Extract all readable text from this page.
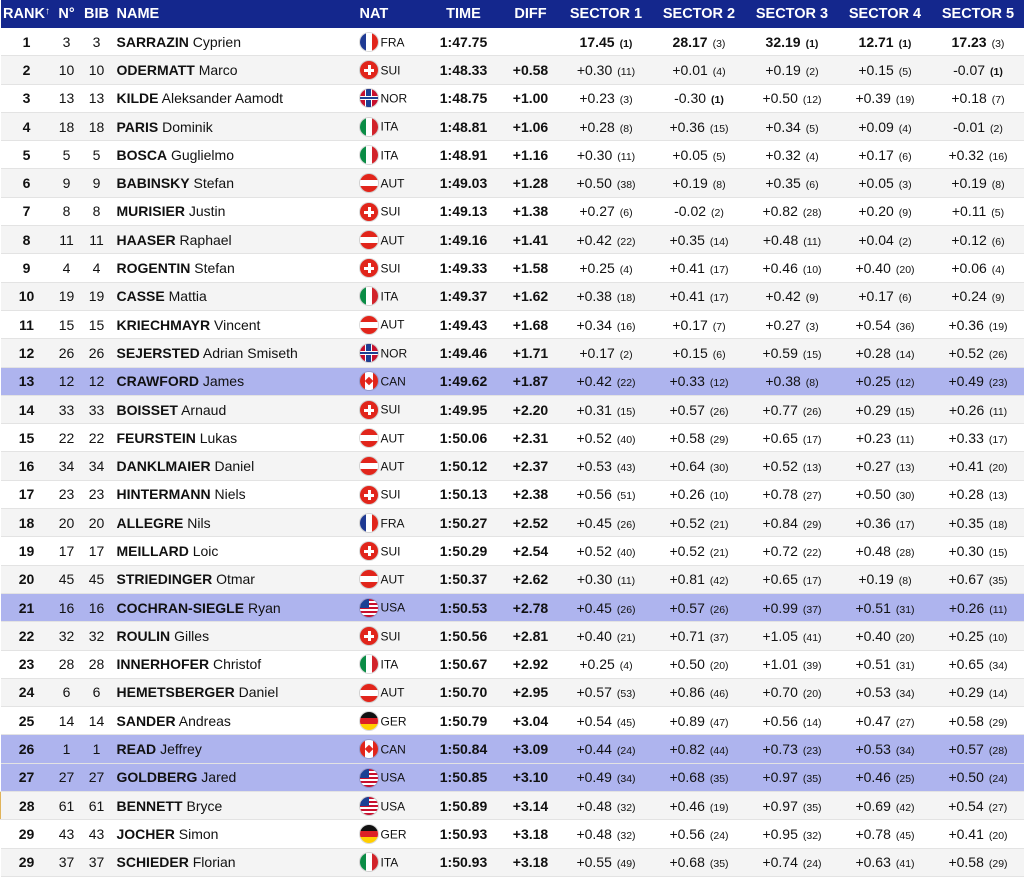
RANK↑	N°	BIB	NAME	NAT	TIME	DIFF	SECTOR 1	SECTOR 2	SECTOR 3	SECTOR 4	SECTOR 5
1	3	3	SARRAZIN Cyprien	FRA	1:47.75		17.45 (1)	28.17 (3)	32.19 (1)	12.71 (1)	17.23 (3)
2	10	10	ODERMATT Marco	SUI	1:48.33	+0.58	+0.30 (11)	+0.01 (4)	+0.19 (2)	+0.15 (5)	-0.07 (1)
3	13	13	KILDE Aleksander Aamodt	NOR	1:48.75	+1.00	+0.23 (3)	-0.30 (1)	+0.50 (12)	+0.39 (19)	+0.18 (7)
4	18	18	PARIS Dominik	ITA	1:48.81	+1.06	+0.28 (8)	+0.36 (15)	+0.34 (5)	+0.09 (4)	-0.01 (2)
5	5	5	BOSCA Guglielmo	ITA	1:48.91	+1.16	+0.30 (11)	+0.05 (5)	+0.32 (4)	+0.17 (6)	+0.32 (16)
6	9	9	BABINSKY Stefan	AUT	1:49.03	+1.28	+0.50 (38)	+0.19 (8)	+0.35 (6)	+0.05 (3)	+0.19 (8)
7	8	8	MURISIER Justin	SUI	1:49.13	+1.38	+0.27 (6)	-0.02 (2)	+0.82 (28)	+0.20 (9)	+0.11 (5)
8	11	11	HAASER Raphael	AUT	1:49.16	+1.41	+0.42 (22)	+0.35 (14)	+0.48 (11)	+0.04 (2)	+0.12 (6)
9	4	4	ROGENTIN Stefan	SUI	1:49.33	+1.58	+0.25 (4)	+0.41 (17)	+0.46 (10)	+0.40 (20)	+0.06 (4)
10	19	19	CASSE Mattia	ITA	1:49.37	+1.62	+0.38 (18)	+0.41 (17)	+0.42 (9)	+0.17 (6)	+0.24 (9)
11	15	15	KRIECHMAYR Vincent	AUT	1:49.43	+1.68	+0.34 (16)	+0.17 (7)	+0.27 (3)	+0.54 (36)	+0.36 (19)
12	26	26	SEJERSTED Adrian Smiseth	NOR	1:49.46	+1.71	+0.17 (2)	+0.15 (6)	+0.59 (15)	+0.28 (14)	+0.52 (26)
13	12	12	CRAWFORD James	CAN	1:49.62	+1.87	+0.42 (22)	+0.33 (12)	+0.38 (8)	+0.25 (12)	+0.49 (23)
14	33	33	BOISSET Arnaud	SUI	1:49.95	+2.20	+0.31 (15)	+0.57 (26)	+0.77 (26)	+0.29 (15)	+0.26 (11)
15	22	22	FEURSTEIN Lukas	AUT	1:50.06	+2.31	+0.52 (40)	+0.58 (29)	+0.65 (17)	+0.23 (11)	+0.33 (17)
16	34	34	DANKLMAIER Daniel	AUT	1:50.12	+2.37	+0.53 (43)	+0.64 (30)	+0.52 (13)	+0.27 (13)	+0.41 (20)
17	23	23	HINTERMANN Niels	SUI	1:50.13	+2.38	+0.56 (51)	+0.26 (10)	+0.78 (27)	+0.50 (30)	+0.28 (13)
18	20	20	ALLEGRE Nils	FRA	1:50.27	+2.52	+0.45 (26)	+0.52 (21)	+0.84 (29)	+0.36 (17)	+0.35 (18)
19	17	17	MEILLARD Loic	SUI	1:50.29	+2.54	+0.52 (40)	+0.52 (21)	+0.72 (22)	+0.48 (28)	+0.30 (15)
20	45	45	STRIEDINGER Otmar	AUT	1:50.37	+2.62	+0.30 (11)	+0.81 (42)	+0.65 (17)	+0.19 (8)	+0.67 (35)
21	16	16	COCHRAN-SIEGLE Ryan	USA	1:50.53	+2.78	+0.45 (26)	+0.57 (26)	+0.99 (37)	+0.51 (31)	+0.26 (11)
22	32	32	ROULIN Gilles	SUI	1:50.56	+2.81	+0.40 (21)	+0.71 (37)	+1.05 (41)	+0.40 (20)	+0.25 (10)
23	28	28	INNERHOFER Christof	ITA	1:50.67	+2.92	+0.25 (4)	+0.50 (20)	+1.01 (39)	+0.51 (31)	+0.65 (34)
24	6	6	HEMETSBERGER Daniel	AUT	1:50.70	+2.95	+0.57 (53)	+0.86 (46)	+0.70 (20)	+0.53 (34)	+0.29 (14)
25	14	14	SANDER Andreas	GER	1:50.79	+3.04	+0.54 (45)	+0.89 (47)	+0.56 (14)	+0.47 (27)	+0.58 (29)
26	1	1	READ Jeffrey	CAN	1:50.84	+3.09	+0.44 (24)	+0.82 (44)	+0.73 (23)	+0.53 (34)	+0.57 (28)
27	27	27	GOLDBERG Jared	USA	1:50.85	+3.10	+0.49 (34)	+0.68 (35)	+0.97 (35)	+0.46 (25)	+0.50 (24)
28	61	61	BENNETT Bryce	USA	1:50.89	+3.14	+0.48 (32)	+0.46 (19)	+0.97 (35)	+0.69 (42)	+0.54 (27)
29	43	43	JOCHER Simon	GER	1:50.93	+3.18	+0.48 (32)	+0.56 (24)	+0.95 (32)	+0.78 (45)	+0.41 (20)
29	37	37	SCHIEDER Florian	ITA	1:50.93	+3.18	+0.55 (49)	+0.68 (35)	+0.74 (24)	+0.63 (41)	+0.58 (29)
